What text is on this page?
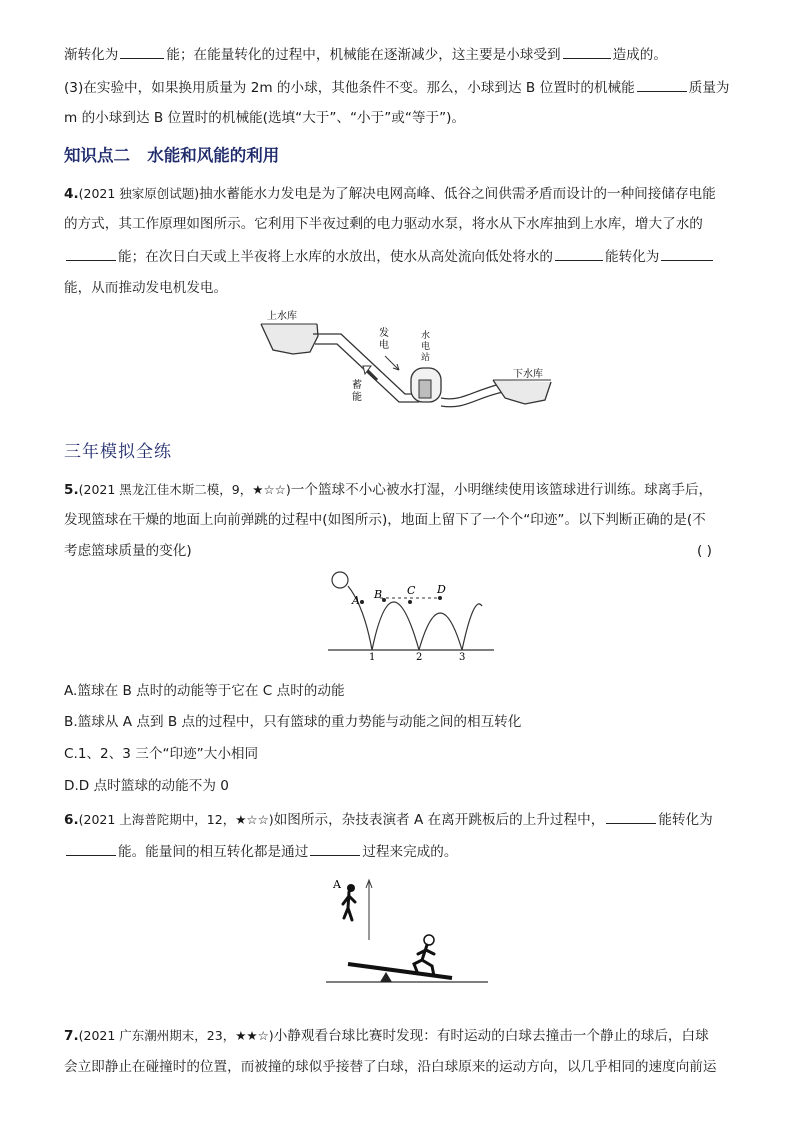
渐转化为	能；在能量转化的过程中，机械能在逐渐减少，这主要是小球受到	造成的。
(3)在实验中，如果换用质量为 2m 的小球，其他条件不变。那么，小球到达 B 位置时的机械能	质量为
m 的小球到达 B 位置时的机械能(选填“大于”、“小于”或“等于”)。
知识点二 水能和风能的利用
4.(2021 独家原创试题)抽水蓄能水力发电是为了解决电网高峰、低谷之间供需矛盾而设计的一种间接储存电能
的方式，其工作原理如图所示。它利用下半夜过剩的电力驱动水泵，将水从下水库抽到上水库，增大了水的
能；在次日白天或上半夜将上水库的水放出，使水从高处流向低处将水的	能转化为
能，从而推动发电机发电。
上水库
下水库
发
电
水
电
站
蓄
能
三年模拟全练
5.(2021 黑龙江佳木斯二模，9，★☆☆)一个篮球不小心被水打湿，小明继续使用该篮球进行训练。球离手后，
发现篮球在干燥的地面上向前弹跳的过程中(如图所示)，地面上留下了一个个“印迹”。以下判断正确的是(不
考虑篮球质量的变化)	( )
A B C D
1	2	3
A.篮球在 B 点时的动能等于它在 C 点时的动能
B.篮球从 A 点到 B 点的过程中，只有篮球的重力势能与动能之间的相互转化
C.1、2、3 三个“印迹”大小相同
D.D 点时篮球的动能不为 0
6.(2021 上海普陀期中，12，★☆☆)如图所示，杂技表演者 A 在离开跳板后的上升过程中，	能转化为
能。能量间的相互转化都是通过	过程来完成的。
A
7.(2021 广东潮州期末，23，★★☆)小静观看台球比赛时发现：有时运动的白球去撞击一个静止的球后，白球
会立即静止在碰撞时的位置，而被撞的球似乎接替了白球，沿白球原来的运动方向，以几乎相同的速度向前运
